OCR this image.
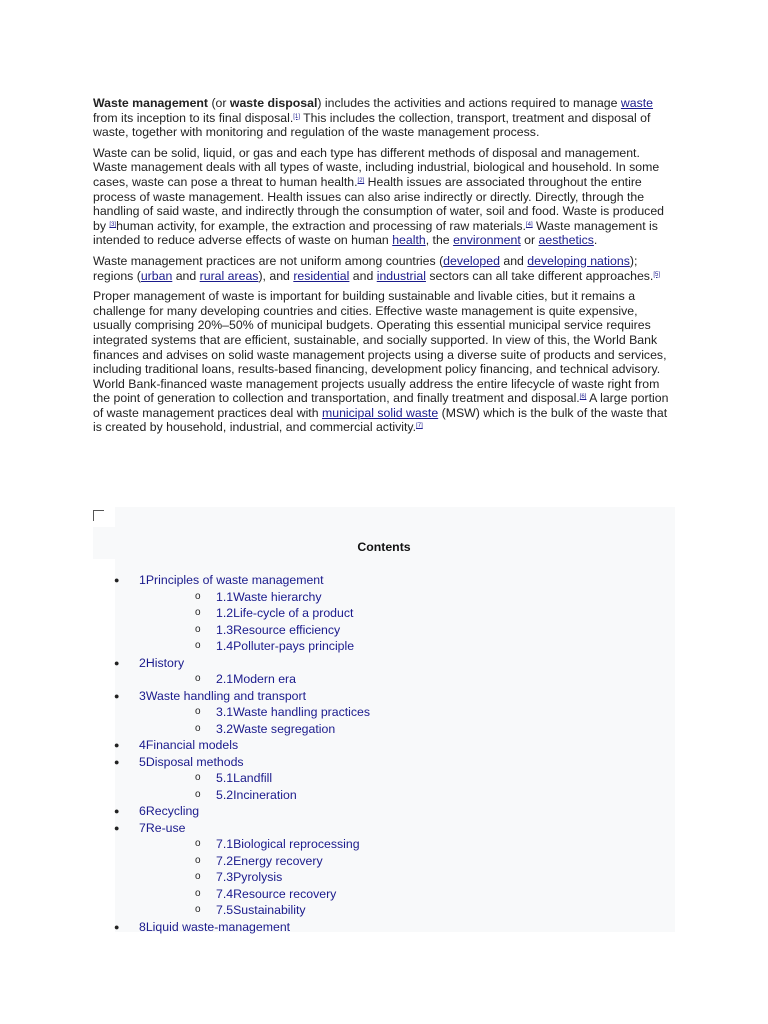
Waste management (or waste disposal) includes the activities and actions required to manage waste from its inception to its final disposal.[1] This includes the collection, transport, treatment and disposal of waste, together with monitoring and regulation of the waste management process.

Waste can be solid, liquid, or gas and each type has different methods of disposal and management. Waste management deals with all types of waste, including industrial, biological and household. In some cases, waste can pose a threat to human health.[2] Health issues are associated throughout the entire process of waste management. Health issues can also arise indirectly or directly. Directly, through the handling of said waste, and indirectly through the consumption of water, soil and food. Waste is produced by [3]human activity, for example, the extraction and processing of raw materials.[4] Waste management is intended to reduce adverse effects of waste on human health, the environment or aesthetics.

Waste management practices are not uniform among countries (developed and developing nations); regions (urban and rural areas), and residential and industrial sectors can all take different approaches.[5]

Proper management of waste is important for building sustainable and livable cities, but it remains a challenge for many developing countries and cities. Effective waste management is quite expensive, usually comprising 20%–50% of municipal budgets. Operating this essential municipal service requires integrated systems that are efficient, sustainable, and socially supported. In view of this, the World Bank finances and advises on solid waste management projects using a diverse suite of products and services, including traditional loans, results-based financing, development policy financing, and technical advisory. World Bank-financed waste management projects usually address the entire lifecycle of waste right from the point of generation to collection and transportation, and finally treatment and disposal.[6] A large portion of waste management practices deal with municipal solid waste (MSW) which is the bulk of the waste that is created by household, industrial, and commercial activity.[7]

Contents
● 1Principles of waste management
o 1.1Waste hierarchy
o 1.2Life-cycle of a product
o 1.3Resource efficiency
o 1.4Polluter-pays principle
● 2History
o 2.1Modern era
● 3Waste handling and transport
o 3.1Waste handling practices
o 3.2Waste segregation
● 4Financial models
● 5Disposal methods
o 5.1Landfill
o 5.2Incineration
● 6Recycling
● 7Re-use
o 7.1Biological reprocessing
o 7.2Energy recovery
o 7.3Pyrolysis
o 7.4Resource recovery
o 7.5Sustainability
● 8Liquid waste-management
